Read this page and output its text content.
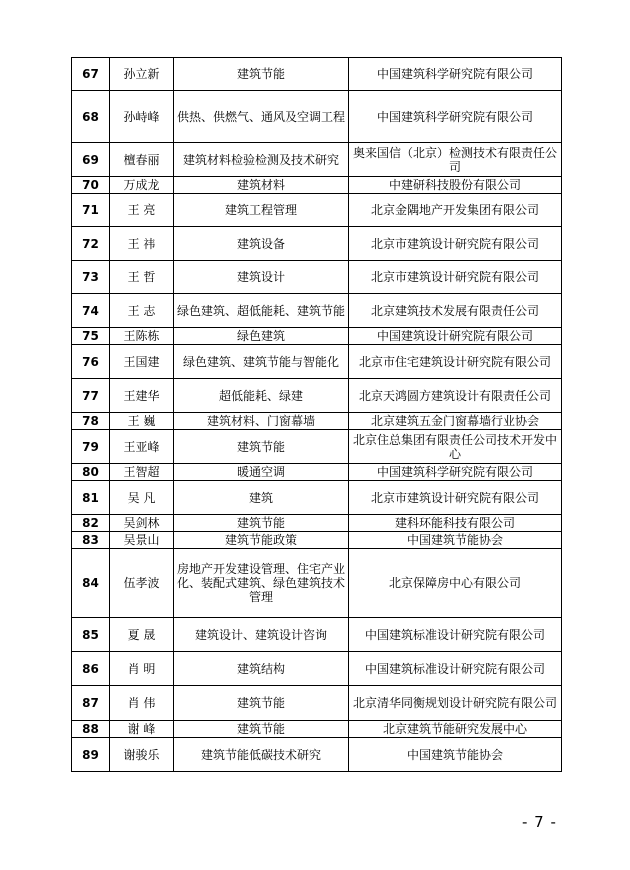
67	孙立新	建筑节能	中国建筑科学研究院有限公司
68	孙峙峰	供热、供燃气、通风及空调工程	中国建筑科学研究院有限公司
69	檀春丽	建筑材料检验检测及技术研究	奥来国信（北京）检测技术有限责任公司
70	万成龙	建筑材料	中建研科技股份有限公司
71	王 亮	建筑工程管理	北京金隅地产开发集团有限公司
72	王 祎	建筑设备	北京市建筑设计研究院有限公司
73	王 哲	建筑设计	北京市建筑设计研究院有限公司
74	王 志	绿色建筑、超低能耗、建筑节能	北京建筑技术发展有限责任公司
75	王陈栋	绿色建筑	中国建筑设计研究院有限公司
76	王国建	绿色建筑、建筑节能与智能化	北京市住宅建筑设计研究院有限公司
77	王建华	超低能耗、绿建	北京天鸿圆方建筑设计有限责任公司
78	王 巍	建筑材料、门窗幕墙	北京建筑五金门窗幕墙行业协会
79	王亚峰	建筑节能	北京住总集团有限责任公司技术开发中心
80	王智超	暖通空调	中国建筑科学研究院有限公司
81	吴 凡	建筑	北京市建筑设计研究院有限公司
82	吴剑林	建筑节能	建科环能科技有限公司
83	吴景山	建筑节能政策	中国建筑节能协会
84	伍孝波	房地产开发建设管理、住宅产业化、装配式建筑、绿色建筑技术管理	北京保障房中心有限公司
85	夏 晟	建筑设计、建筑设计咨询	中国建筑标准设计研究院有限公司
86	肖 明	建筑结构	中国建筑标准设计研究院有限公司
87	肖 伟	建筑节能	北京清华同衡规划设计研究院有限公司
88	谢 峰	建筑节能	北京建筑节能研究发展中心
89	谢骏乐	建筑节能低碳技术研究	中国建筑节能协会
- 7 -
